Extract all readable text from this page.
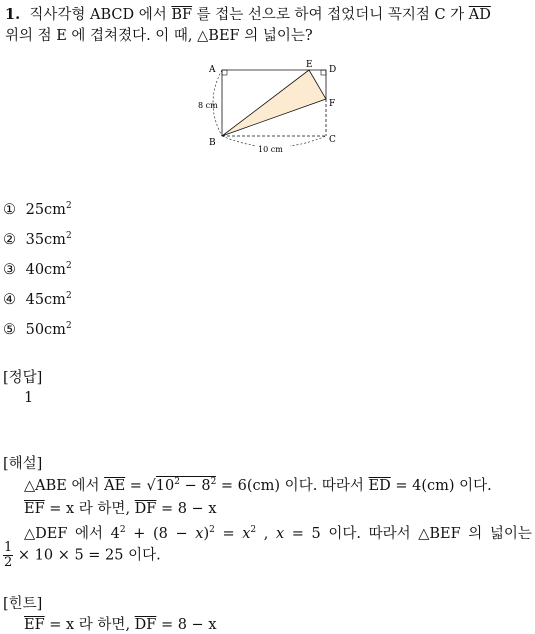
1. 직사각형 ABCD 에서 $\overline{BF}$ 를 접는 선으로 하여 접었더니 꼭지점 C 가 $\overline{AD}$
위의 점 E 에 겹쳐졌다. 이 때, △BEF 의 넓이는?
A
B	C
D
E
F
8 cm
10 cm
① $25cm^2$
② $35cm^2$
③ $40cm^2$
④ $45cm^2$
⑤ $50cm^2$
[정답]
1
[해설]
△ABE 에서 $\overline{AE} = √10^2 - 8^2 = 6(cm)$ 이다. 따라서 $\overline{ED} = 4(cm)$ 이다.
$\overline{EF} = x$ 라 하면, $\overline{DF} = 8 - x$
△DEF 에서 $4^2 + (8 - x)^2 = x^2$ , x = 5 이다. 따라서 △BEF 의 넓이는
$\frac{1}{2} \times 10 \times 5 = 25$ 이다.
[힌트]
$\overline{EF} = x$ 라 하면, $\overline{DF} = 8 - x$
